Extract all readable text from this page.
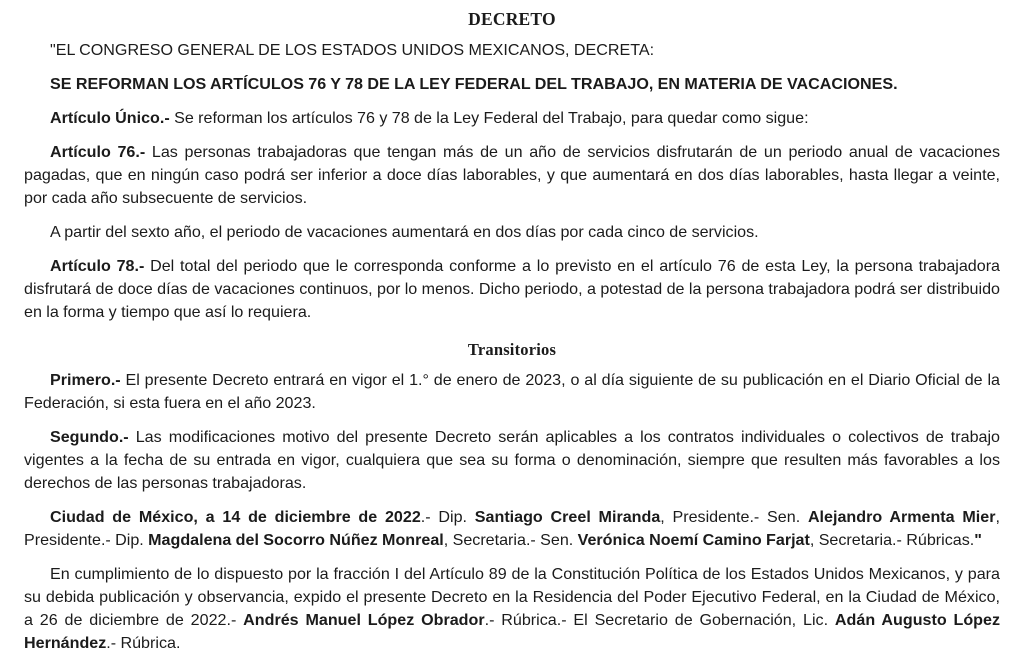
DECRETO

"EL CONGRESO GENERAL DE LOS ESTADOS UNIDOS MEXICANOS, DECRETA:

SE REFORMAN LOS ARTÍCULOS 76 Y 78 DE LA LEY FEDERAL DEL TRABAJO, EN MATERIA DE VACACIONES.

Artículo Único.- Se reforman los artículos 76 y 78 de la Ley Federal del Trabajo, para quedar como sigue:

Artículo 76.- Las personas trabajadoras que tengan más de un año de servicios disfrutarán de un periodo anual de vacaciones pagadas, que en ningún caso podrá ser inferior a doce días laborables, y que aumentará en dos días laborables, hasta llegar a veinte, por cada año subsecuente de servicios.

A partir del sexto año, el periodo de vacaciones aumentará en dos días por cada cinco de servicios.

Artículo 78.- Del total del periodo que le corresponda conforme a lo previsto en el artículo 76 de esta Ley, la persona trabajadora disfrutará de doce días de vacaciones continuos, por lo menos. Dicho periodo, a potestad de la persona trabajadora podrá ser distribuido en la forma y tiempo que así lo requiera.

Transitorios

Primero.- El presente Decreto entrará en vigor el 1.° de enero de 2023, o al día siguiente de su publicación en el Diario Oficial de la Federación, si esta fuera en el año 2023.

Segundo.- Las modificaciones motivo del presente Decreto serán aplicables a los contratos individuales o colectivos de trabajo vigentes a la fecha de su entrada en vigor, cualquiera que sea su forma o denominación, siempre que resulten más favorables a los derechos de las personas trabajadoras.

Ciudad de México, a 14 de diciembre de 2022.- Dip. Santiago Creel Miranda, Presidente.- Sen. Alejandro Armenta Mier, Presidente.- Dip. Magdalena del Socorro Núñez Monreal, Secretaria.- Sen. Verónica Noemí Camino Farjat, Secretaria.- Rúbricas."

En cumplimiento de lo dispuesto por la fracción I del Artículo 89 de la Constitución Política de los Estados Unidos Mexicanos, y para su debida publicación y observancia, expido el presente Decreto en la Residencia del Poder Ejecutivo Federal, en la Ciudad de México, a 26 de diciembre de 2022.- Andrés Manuel López Obrador.- Rúbrica.- El Secretario de Gobernación, Lic. Adán Augusto López Hernández.- Rúbrica.
